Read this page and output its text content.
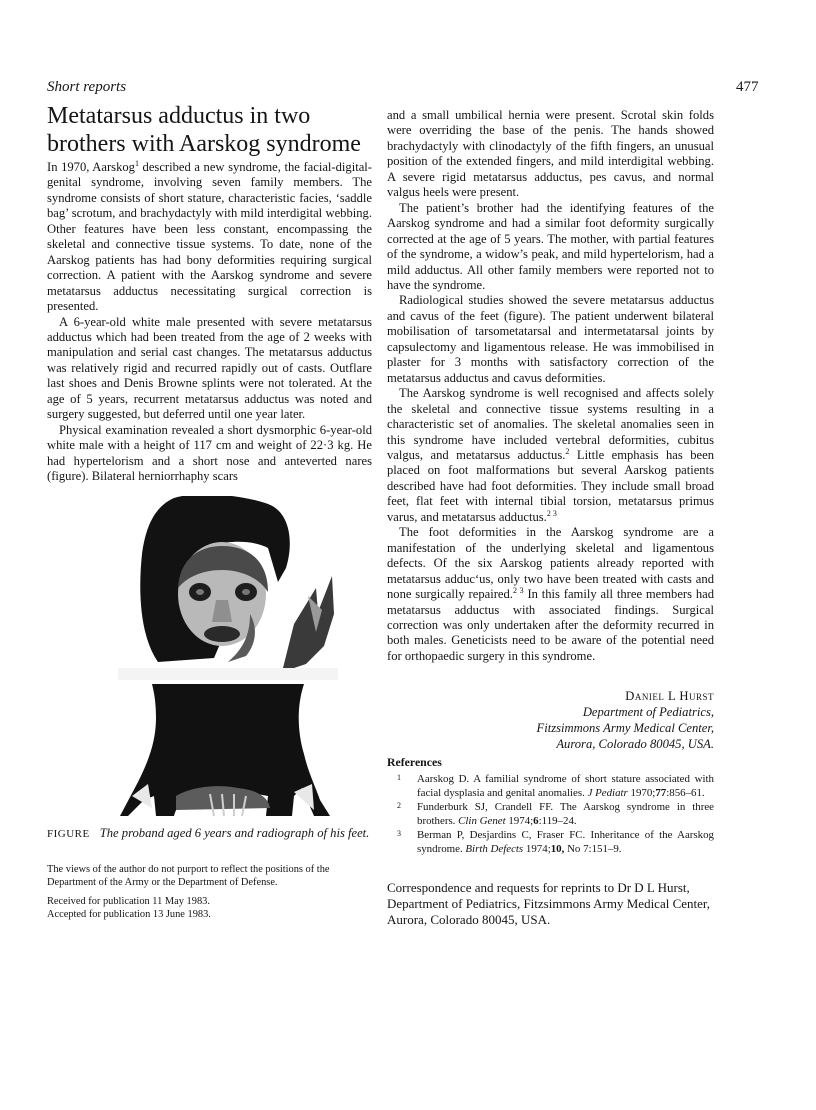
Short reports	477
Metatarsus adductus in two
brothers with Aarskog syndrome

In 1970, Aarskog$^1$ described a new syndrome, the facial-digital-genital syndrome, involving seven family members. The syndrome consists of short stature, characteristic facies, ‘saddle bag’ scrotum, and brachydactyly with mild interdigital webbing. Other features have been less constant, encompassing the skeletal and connective tissue systems. To date, none of the Aarskog patients has had bony deformities requiring surgical correction. A patient with the Aarskog syndrome and severe metatarsus adductus necessitating surgical correction is presented.

A 6-year-old white male presented with severe metatarsus adductus which had been treated from the age of 2 weeks with manipulation and serial cast changes. The metatarsus adductus was relatively rigid and recurred rapidly out of casts. Outflare last shoes and Denis Browne splints were not tolerated. At the age of 5 years, recurrent metatarsus adductus was noted and surgery suggested, but deferred until one year later.

Physical examination revealed a short dysmorphic 6-year-old white male with a height of 117 cm and weight of 22·3 kg. He had hypertelorism and a short nose and anteverted nares (figure). Bilateral herniorrhaphy scars

FIGURE The proband aged 6 years and radiograph of his feet.
The views of the author do not purport to reflect the positions of the Department of the Army or the Department of Defense.
Received for publication 11 May 1983.
Accepted for publication 13 June 1983.

and a small umbilical hernia were present. Scrotal skin folds were overriding the base of the penis. The hands showed brachydactyly with clinodactyly of the fifth fingers, an unusual position of the extended fingers, and mild interdigital webbing. A severe rigid metatarsus adductus, pes cavus, and normal valgus heels were present.

The patient’s brother had the identifying features of the Aarskog syndrome and had a similar foot deformity surgically corrected at the age of 5 years. The mother, with partial features of the syndrome, a widow’s peak, and mild hypertelorism, had a mild adductus. All other family members were reported not to have the syndrome.

Radiological studies showed the severe metatarsus adductus and cavus of the feet (figure). The patient underwent bilateral mobilisation of tarsometatarsal and intermetatarsal joints by capsulectomy and ligamentous release. He was immobilised in plaster for 3 months with satisfactory correction of the metatarsus adductus and cavus deformities.

The Aarskog syndrome is well recognised and affects solely the skeletal and connective tissue systems resulting in a characteristic set of anomalies. The skeletal anomalies seen in this syndrome have included vertebral deformities, cubitus valgus, and metatarsus adductus.$^2$ Little emphasis has been placed on foot malformations but several Aarskog patients described have had foot deformities. They include small broad feet, flat feet with internal tibial torsion, metatarsus primus varus, and metatarsus adductus.$^{2 3}$

The foot deformities in the Aarskog syndrome are a manifestation of the underlying skeletal and ligamentous defects. Of the six Aarskog patients already reported with metatarsus adduc‘us, only two have been treated with casts and none surgically repaired.$^{2 3}$ In this family all three members had metatarsus adductus with associated findings. Surgical correction was only undertaken after the deformity recurred in both males. Geneticists need to be aware of the potential need for orthopaedic surgery in this syndrome.

Daniel L Hurst
Department of Pediatrics,
Fitzsimmons Army Medical Center,
Aurora, Colorado 80045, USA.
References
1 Aarskog D. A familial syndrome of short stature associated with facial dysplasia and genital anomalies. J Pediatr 1970;77:856–61.
2 Funderburk SJ, Crandell FF. The Aarskog syndrome in three brothers. Clin Genet 1974;6:119–24.
3 Berman P, Desjardins C, Fraser FC. Inheritance of the Aarskog syndrome. Birth Defects 1974;10, No 7:151–9.
Correspondence and requests for reprints to Dr D L Hurst, Department of Pediatrics, Fitzsimmons Army Medical Center, Aurora, Colorado 80045, USA.
